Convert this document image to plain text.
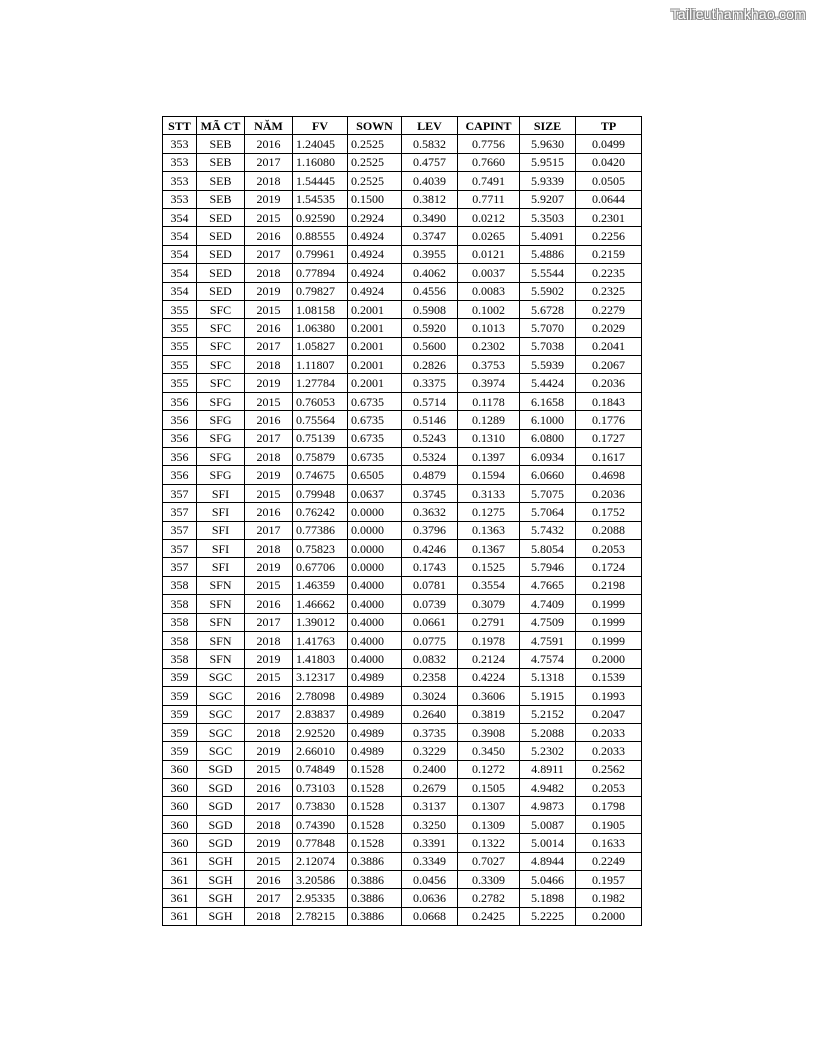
Tailieuthamkhao.com
STT	MÃ CT	NĂM	FV	SOWN	LEV	CAPINT	SIZE	TP
353	SEB	2016	1.24045	0.2525	0.5832	0.7756	5.9630	0.0499
353	SEB	2017	1.16080	0.2525	0.4757	0.7660	5.9515	0.0420
353	SEB	2018	1.54445	0.2525	0.4039	0.7491	5.9339	0.0505
353	SEB	2019	1.54535	0.1500	0.3812	0.7711	5.9207	0.0644
354	SED	2015	0.92590	0.2924	0.3490	0.0212	5.3503	0.2301
354	SED	2016	0.88555	0.4924	0.3747	0.0265	5.4091	0.2256
354	SED	2017	0.79961	0.4924	0.3955	0.0121	5.4886	0.2159
354	SED	2018	0.77894	0.4924	0.4062	0.0037	5.5544	0.2235
354	SED	2019	0.79827	0.4924	0.4556	0.0083	5.5902	0.2325
355	SFC	2015	1.08158	0.2001	0.5908	0.1002	5.6728	0.2279
355	SFC	2016	1.06380	0.2001	0.5920	0.1013	5.7070	0.2029
355	SFC	2017	1.05827	0.2001	0.5600	0.2302	5.7038	0.2041
355	SFC	2018	1.11807	0.2001	0.2826	0.3753	5.5939	0.2067
355	SFC	2019	1.27784	0.2001	0.3375	0.3974	5.4424	0.2036
356	SFG	2015	0.76053	0.6735	0.5714	0.1178	6.1658	0.1843
356	SFG	2016	0.75564	0.6735	0.5146	0.1289	6.1000	0.1776
356	SFG	2017	0.75139	0.6735	0.5243	0.1310	6.0800	0.1727
356	SFG	2018	0.75879	0.6735	0.5324	0.1397	6.0934	0.1617
356	SFG	2019	0.74675	0.6505	0.4879	0.1594	6.0660	0.4698
357	SFI	2015	0.79948	0.0637	0.3745	0.3133	5.7075	0.2036
357	SFI	2016	0.76242	0.0000	0.3632	0.1275	5.7064	0.1752
357	SFI	2017	0.77386	0.0000	0.3796	0.1363	5.7432	0.2088
357	SFI	2018	0.75823	0.0000	0.4246	0.1367	5.8054	0.2053
357	SFI	2019	0.67706	0.0000	0.1743	0.1525	5.7946	0.1724
358	SFN	2015	1.46359	0.4000	0.0781	0.3554	4.7665	0.2198
358	SFN	2016	1.46662	0.4000	0.0739	0.3079	4.7409	0.1999
358	SFN	2017	1.39012	0.4000	0.0661	0.2791	4.7509	0.1999
358	SFN	2018	1.41763	0.4000	0.0775	0.1978	4.7591	0.1999
358	SFN	2019	1.41803	0.4000	0.0832	0.2124	4.7574	0.2000
359	SGC	2015	3.12317	0.4989	0.2358	0.4224	5.1318	0.1539
359	SGC	2016	2.78098	0.4989	0.3024	0.3606	5.1915	0.1993
359	SGC	2017	2.83837	0.4989	0.2640	0.3819	5.2152	0.2047
359	SGC	2018	2.92520	0.4989	0.3735	0.3908	5.2088	0.2033
359	SGC	2019	2.66010	0.4989	0.3229	0.3450	5.2302	0.2033
360	SGD	2015	0.74849	0.1528	0.2400	0.1272	4.8911	0.2562
360	SGD	2016	0.73103	0.1528	0.2679	0.1505	4.9482	0.2053
360	SGD	2017	0.73830	0.1528	0.3137	0.1307	4.9873	0.1798
360	SGD	2018	0.74390	0.1528	0.3250	0.1309	5.0087	0.1905
360	SGD	2019	0.77848	0.1528	0.3391	0.1322	5.0014	0.1633
361	SGH	2015	2.12074	0.3886	0.3349	0.7027	4.8944	0.2249
361	SGH	2016	3.20586	0.3886	0.0456	0.3309	5.0466	0.1957
361	SGH	2017	2.95335	0.3886	0.0636	0.2782	5.1898	0.1982
361	SGH	2018	2.78215	0.3886	0.0668	0.2425	5.2225	0.2000
